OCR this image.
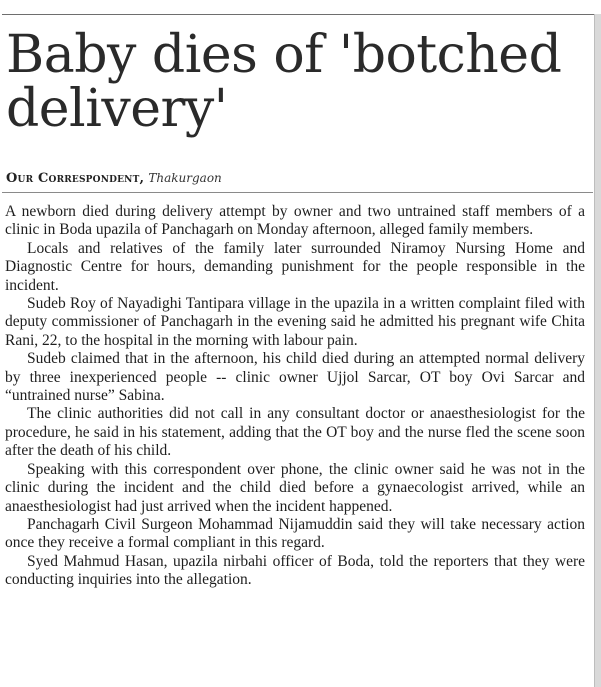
Baby dies of 'botched delivery'

Our Correspondent, Thakurgaon

A newborn died during delivery attempt by owner and two untrained staff members of a clinic in Boda upazila of Panchagarh on Monday afternoon, alleged family members.

Locals and relatives of the family later surrounded Niramoy Nursing Home and Diagnostic Centre for hours, demanding punishment for the people responsible in the incident.

Sudeb Roy of Nayadighi Tantipara village in the upazila in a written complaint filed with deputy commissioner of Panchagarh in the evening said he admitted his pregnant wife Chita Rani, 22, to the hospital in the morning with labour pain.

Sudeb claimed that in the afternoon, his child died during an attempted normal delivery by three inexperienced people -- clinic owner Ujjol Sarcar, OT boy Ovi Sarcar and “untrained nurse” Sabina.

The clinic authorities did not call in any consultant doctor or anaesthesiologist for the procedure, he said in his statement, adding that the OT boy and the nurse fled the scene soon after the death of his child.

Speaking with this correspondent over phone, the clinic owner said he was not in the clinic during the incident and the child died before a gynaecologist arrived, while an anaesthesiologist had just arrived when the incident happened.

Panchagarh Civil Surgeon Mohammad Nijamuddin said they will take necessary action once they receive a formal compliant in this regard.

Syed Mahmud Hasan, upazila nirbahi officer of Boda, told the reporters that they were conducting inquiries into the allegation.
